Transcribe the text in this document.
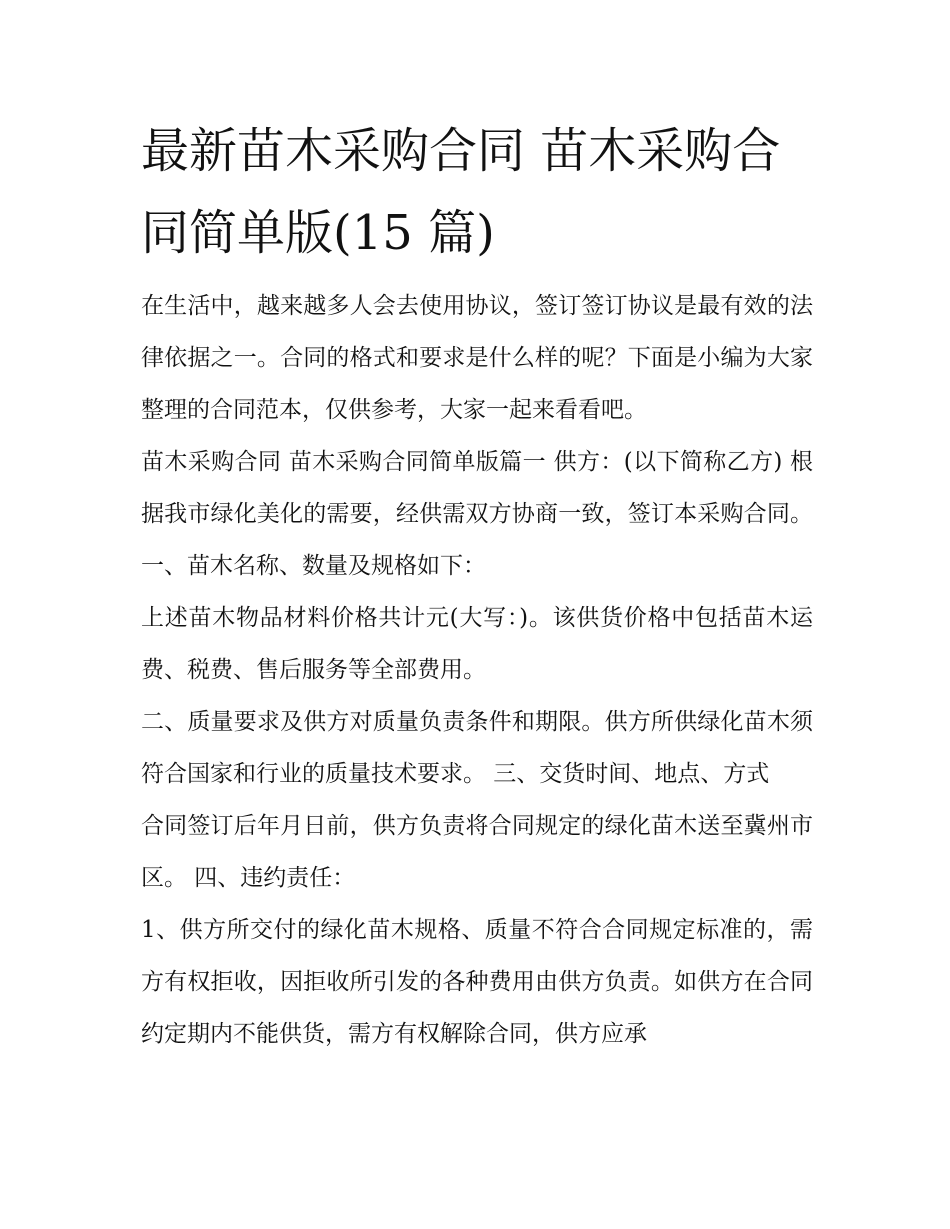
最新苗木采购合同 苗木采购合同简单版(15 篇)

在生活中，越来越多人会去使用协议，签订签订协议是最有效的法律依据之一。合同的格式和要求是什么样的呢？下面是小编为大家整理的合同范本，仅供参考，大家一起来看看吧。

苗木采购合同 苗木采购合同简单版篇一 供方：(以下简称乙方) 根据我市绿化美化的需要，经供需双方协商一致，签订本采购合同。 一、苗木名称、数量及规格如下：

上述苗木物品材料价格共计元(大写：)。该供货价格中包括苗木运费、税费、售后服务等全部费用。

二、质量要求及供方对质量负责条件和期限。供方所供绿化苗木须符合国家和行业的质量技术要求。 三、交货时间、地点、方式

合同签订后年月日前，供方负责将合同规定的绿化苗木送至冀州市区。 四、违约责任：

1、供方所交付的绿化苗木规格、质量不符合合同规定标准的，需方有权拒收，因拒收所引发的各种费用由供方负责。如供方在合同约定期内不能供货，需方有权解除合同，供方应承
